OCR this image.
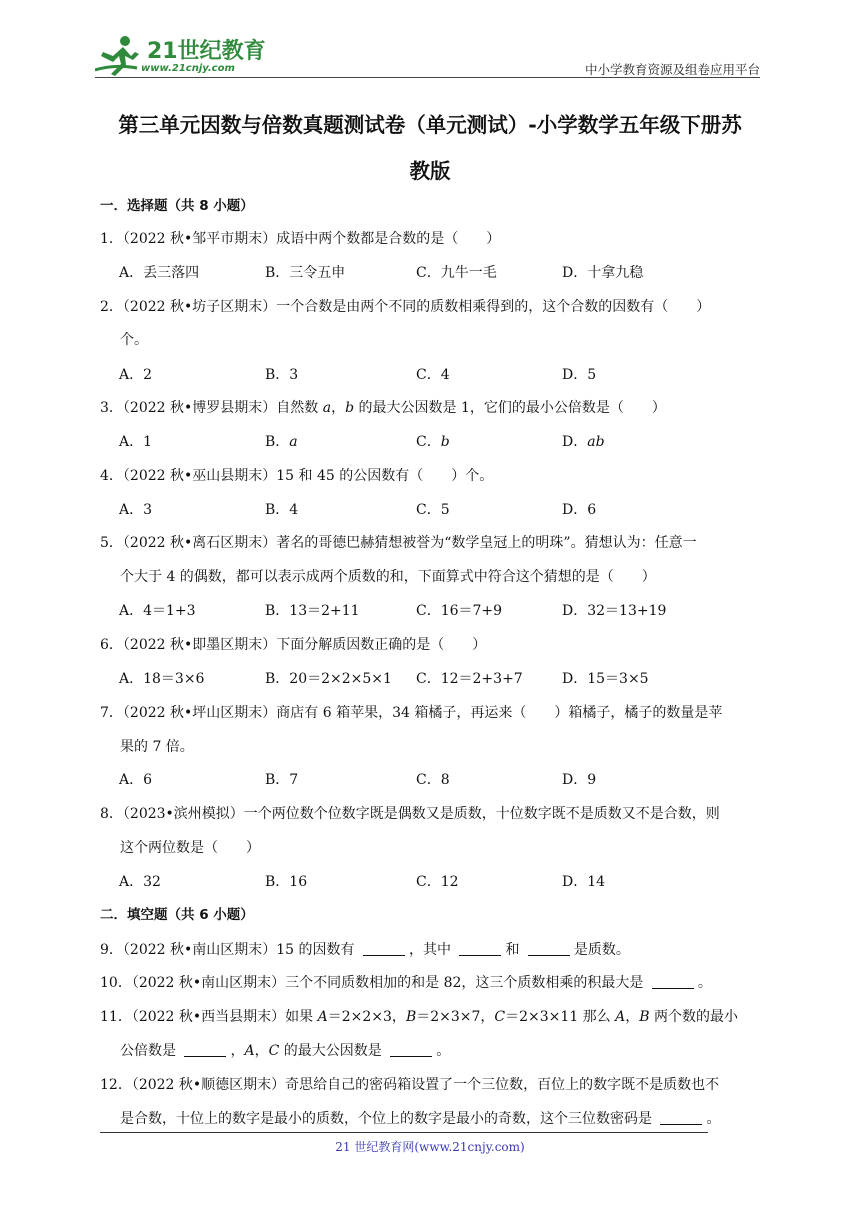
21世纪教育
www.21cnjy.com	中小学教育资源及组卷应用平台
第三单元因数与倍数真题测试卷（单元测试）-小学数学五年级下册苏
教版
一．选择题（共 8 小题）
1．（2022 秋•邹平市期末）成语中两个数都是合数的是（　　）
A．丢三落四	B．三令五申	C．九牛一毛	D．十拿九稳
2．（2022 秋•坊子区期末）一个合数是由两个不同的质数相乘得到的，这个合数的因数有（　　）
个。
A．2	B．3	C．4	D．5
3．（2022 秋•博罗县期末）自然数 a，b 的最大公因数是 1，它们的最小公倍数是（　　）
A．1	B．a	C．b	D．ab
4．（2022 秋•巫山县期末）15 和 45 的公因数有（　　）个。
A．3	B．4	C．5	D．6
5．（2022 秋•离石区期末）著名的哥德巴赫猜想被誉为“数学皇冠上的明珠”。猜想认为：任意一
个大于 4 的偶数，都可以表示成两个质数的和，下面算式中符合这个猜想的是（　　）
A．4＝1+3	B．13＝2+11	C．16＝7+9	D．32＝13+19
6．（2022 秋•即墨区期末）下面分解质因数正确的是（　　）
A．18＝3×6	B．20＝2×2×5×1 C．12＝2+3+7	D．15＝3×5
7．（2022 秋•坪山区期末）商店有 6 箱苹果，34 箱橘子，再运来（　　）箱橘子，橘子的数量是苹
果的 7 倍。
A．6	B．7	C．8	D．9
8．（2023•滨州模拟）一个两位数个位数字既是偶数又是质数，十位数字既不是质数又不是合数，则
这个两位数是（　　）
A．32	B．16	C．12	D．14
二．填空题（共 6 小题）
9．（2022 秋•南山区期末）15 的因数有	，其中	和	是质数。
10．（2022 秋•南山区期末）三个不同质数相加的和是 82，这三个质数相乘的积最大是	。
11．（2022 秋•西当县期末）如果 A＝2×2×3，B＝2×3×7，C＝2×3×11 那么 A，B 两个数的最小
公倍数是	，A，C 的最大公因数是	。
12．（2022 秋•顺德区期末）奇思给自己的密码箱设置了一个三位数，百位上的数字既不是质数也不
是合数，十位上的数字是最小的质数，个位上的数字是最小的奇数，这个三位数密码是	。
21 世纪教育网(www.21cnjy.com)
